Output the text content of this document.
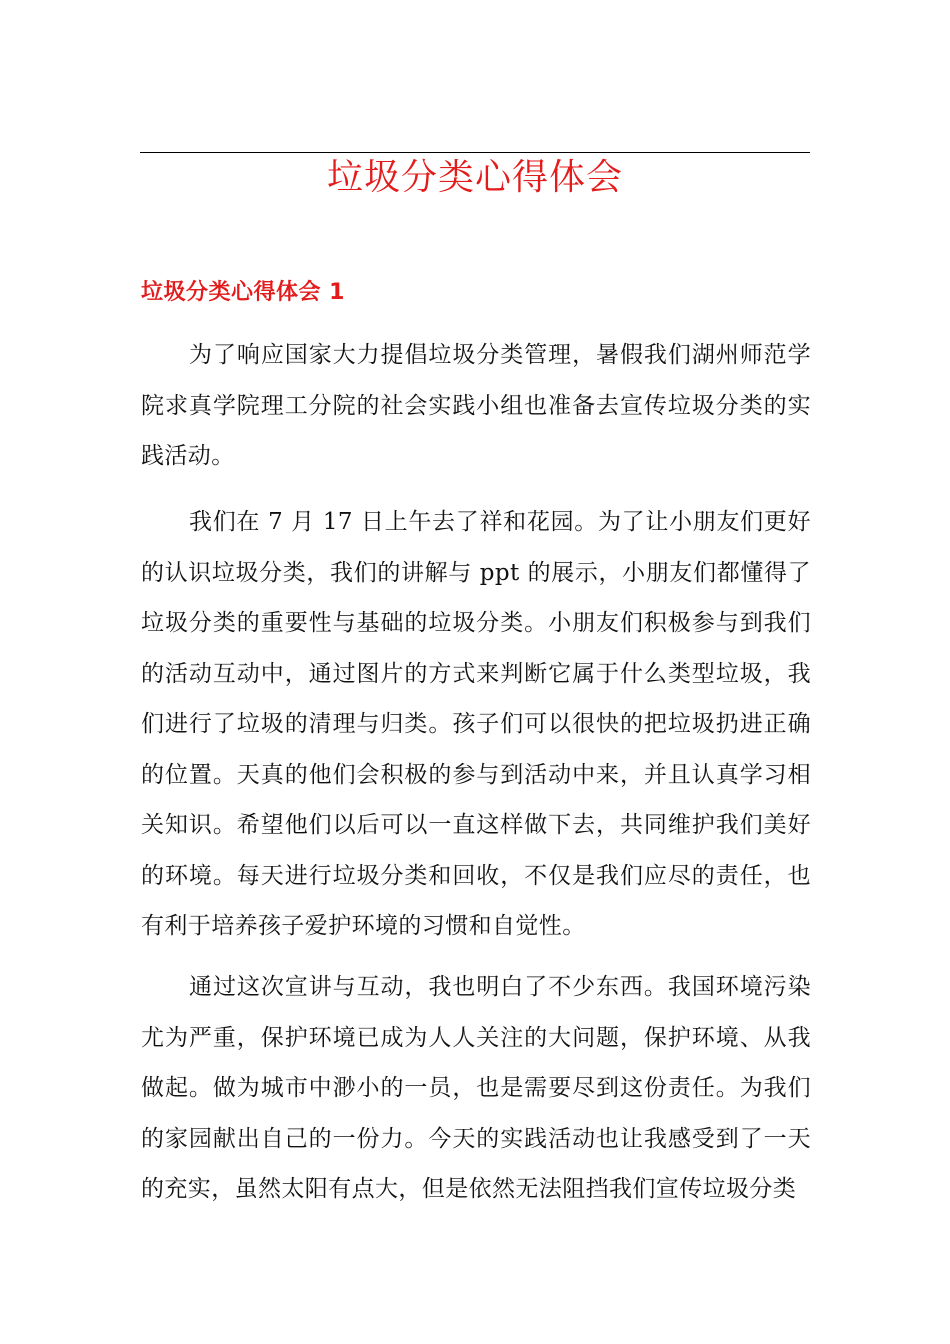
垃圾分类心得体会
垃圾分类心得体会 1

为了响应国家大力提倡垃圾分类管理，暑假我们湖州师范学院求真学院理工分院的社会实践小组也准备去宣传垃圾分类的实践活动。

我们在 7 月 17 日上午去了祥和花园。为了让小朋友们更好的认识垃圾分类，我们的讲解与 ppt 的展示，小朋友们都懂得了垃圾分类的重要性与基础的垃圾分类。小朋友们积极参与到我们的活动互动中，通过图片的方式来判断它属于什么类型垃圾，我们进行了垃圾的清理与归类。孩子们可以很快的把垃圾扔进正确的位置。天真的他们会积极的参与到活动中来，并且认真学习相关知识。希望他们以后可以一直这样做下去，共同维护我们美好的环境。每天进行垃圾分类和回收，不仅是我们应尽的责任，也有利于培养孩子爱护环境的习惯和自觉性。

通过这次宣讲与互动，我也明白了不少东西。我国环境污染尤为严重，保护环境已成为人人关注的大问题，保护环境、从我做起。做为城市中渺小的一员，也是需要尽到这份责任。为我们的家园献出自己的一份力。今天的实践活动也让我感受到了一天的充实，虽然太阳有点大，但是依然无法阻挡我们宣传垃圾分类
